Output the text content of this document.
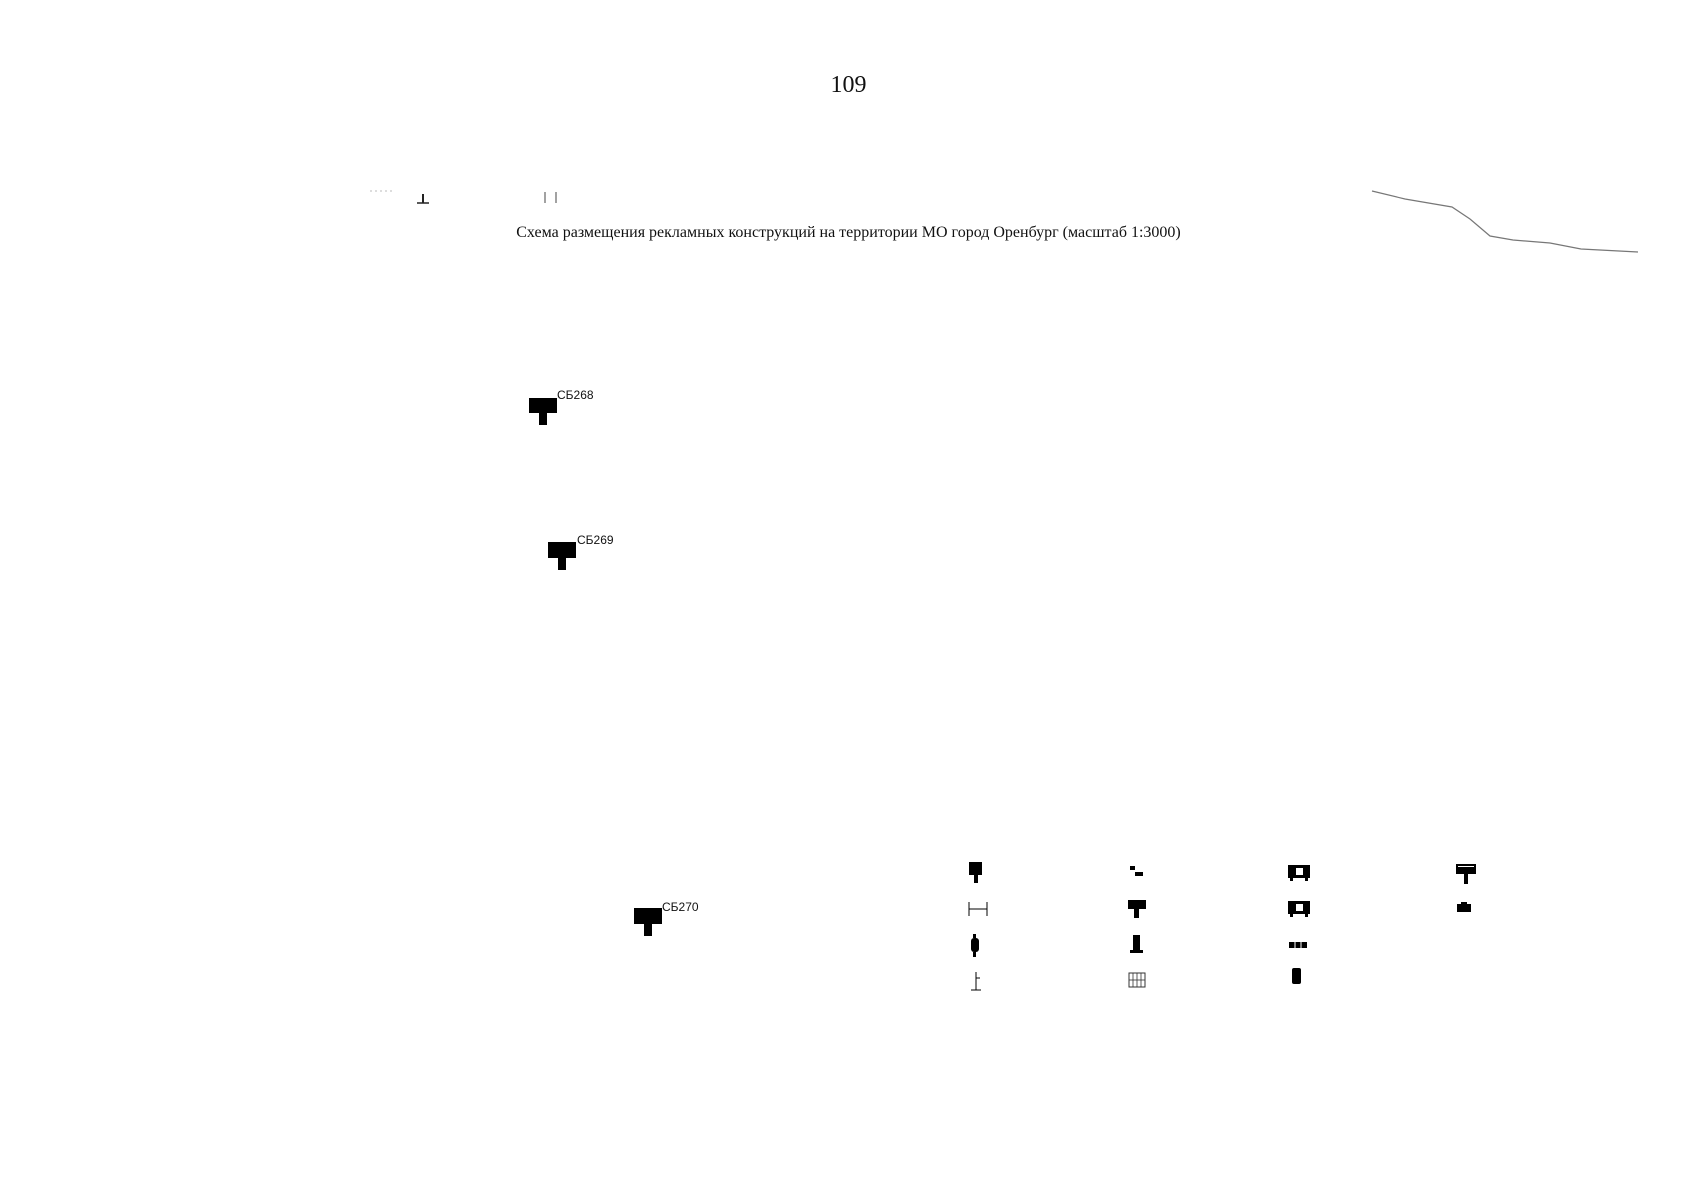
109
Схема размещения рекламных конструкций на территории МО город Оренбург (масштаб 1:3000)
СБ268
СБ269
СБ270
